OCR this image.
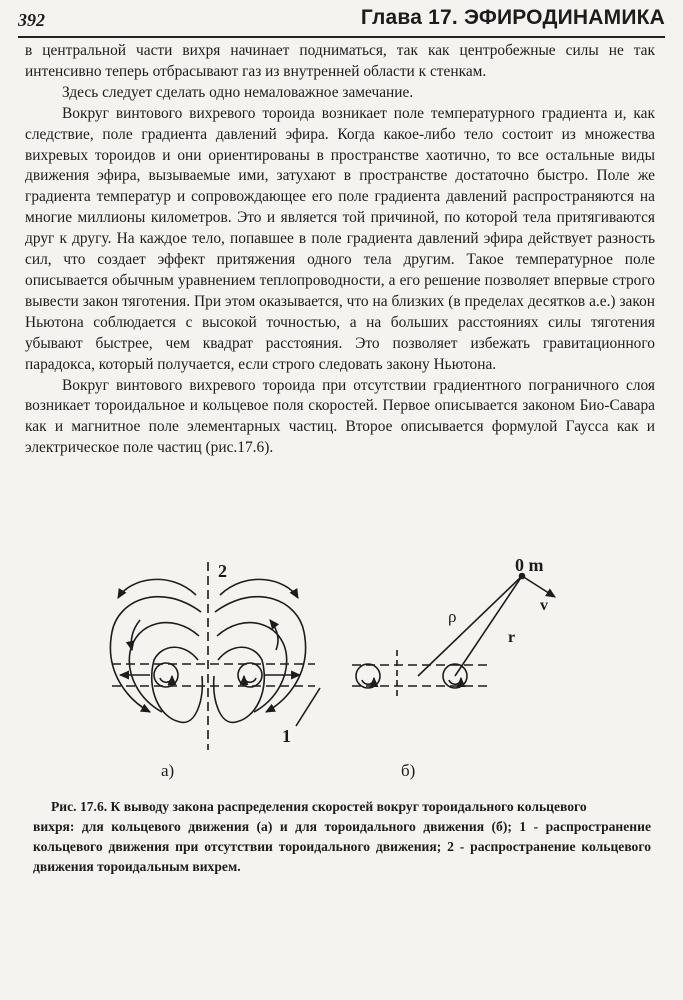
392	Глава 17. ЭФИРОДИНАМИКА

в центральной части вихря начинает подниматься, так как центробежные силы не так интенсивно теперь отбрасывают газ из внутренней области к стенкам.

Здесь следует сделать одно немаловажное замечание.

Вокруг винтового вихревого тороида возникает поле температурного градиента и, как следствие, поле градиента давлений эфира. Когда какое-либо тело состоит из множества вихревых тороидов и они ориентированы в пространстве хаотично, то все остальные виды движения эфира, вызываемые ими, затухают в пространстве достаточно быстро. Поле же градиента температур и сопровождающее его поле градиента давлений распространяются на многие миллионы километров. Это и является той причиной, по которой тела притягиваются друг к другу. На каждое тело, попавшее в поле градиента давлений эфира действует разность сил, что создает эффект притяжения одного тела другим. Такое температурное поле описывается обычным уравнением теплопроводности, а его решение позволяет впервые строго вывести закон тяготения. При этом оказывается, что на близких (в пределах десятков а.е.) закон Ньютона соблюдается с высокой точностью, а на больших расстояниях силы тяготения убывают быстрее, чем квадрат расстояния. Это позволяет избежать гравитационного парадокса, который получается, если строго следовать закону Ньютона.

Вокруг винтового вихревого тороида при отсутствии градиентного пограничного слоя возникает тороидальное и кольцевое поля скоростей. Первое описывается законом Био-Савара как и магнитное поле элементарных частиц. Второе описывается формулой Гаусса как и электрическое поле частиц (рис.17.6).

2
1
0 m
v
ρ
r
а)	б)
Рис. 17.6. К выводу закона распределения скоростей вокруг тороидального кольцевого
вихря: для кольцевого движения (а) и для тороидального движения (б); 1 - распространение кольцевого движения при отсутствии тороидального движения; 2 - распространение кольцевого движения тороидальным вихрем.
